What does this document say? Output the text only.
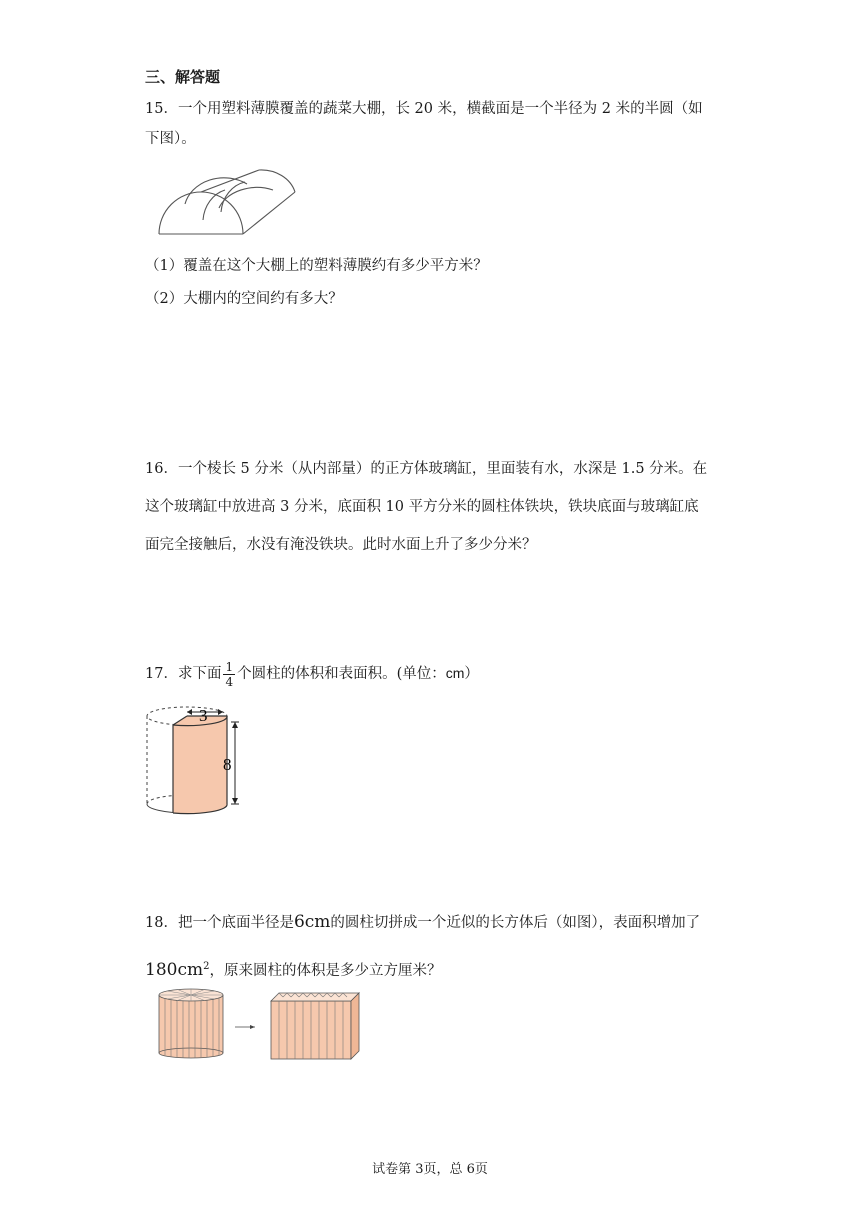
三、解答题
15．一个用塑料薄膜覆盖的蔬菜大棚，长 20 米，横截面是一个半径为 2 米的半圆（如
下图）。
（1）覆盖在这个大棚上的塑料薄膜约有多少平方米？
（2）大棚内的空间约有多大？
16．一个棱长 5 分米（从内部量）的正方体玻璃缸，里面装有水，水深是 1.5 分米。在
这个玻璃缸中放进高 3 分米，底面积 10 平方分米的圆柱体铁块，铁块底面与玻璃缸底
面完全接触后，水没有淹没铁块。此时水面上升了多少分米？
17．求下面 $\frac{1}{4}$ 个圆柱的体积和表面积。(单位：cm）
3
8
18．把一个底面半径是6cm的圆柱切拼成一个近似的长方体后（如图），表面积增加了
$180cm^2$，原来圆柱的体积是多少立方厘米？
试卷第 3页，总 6页
